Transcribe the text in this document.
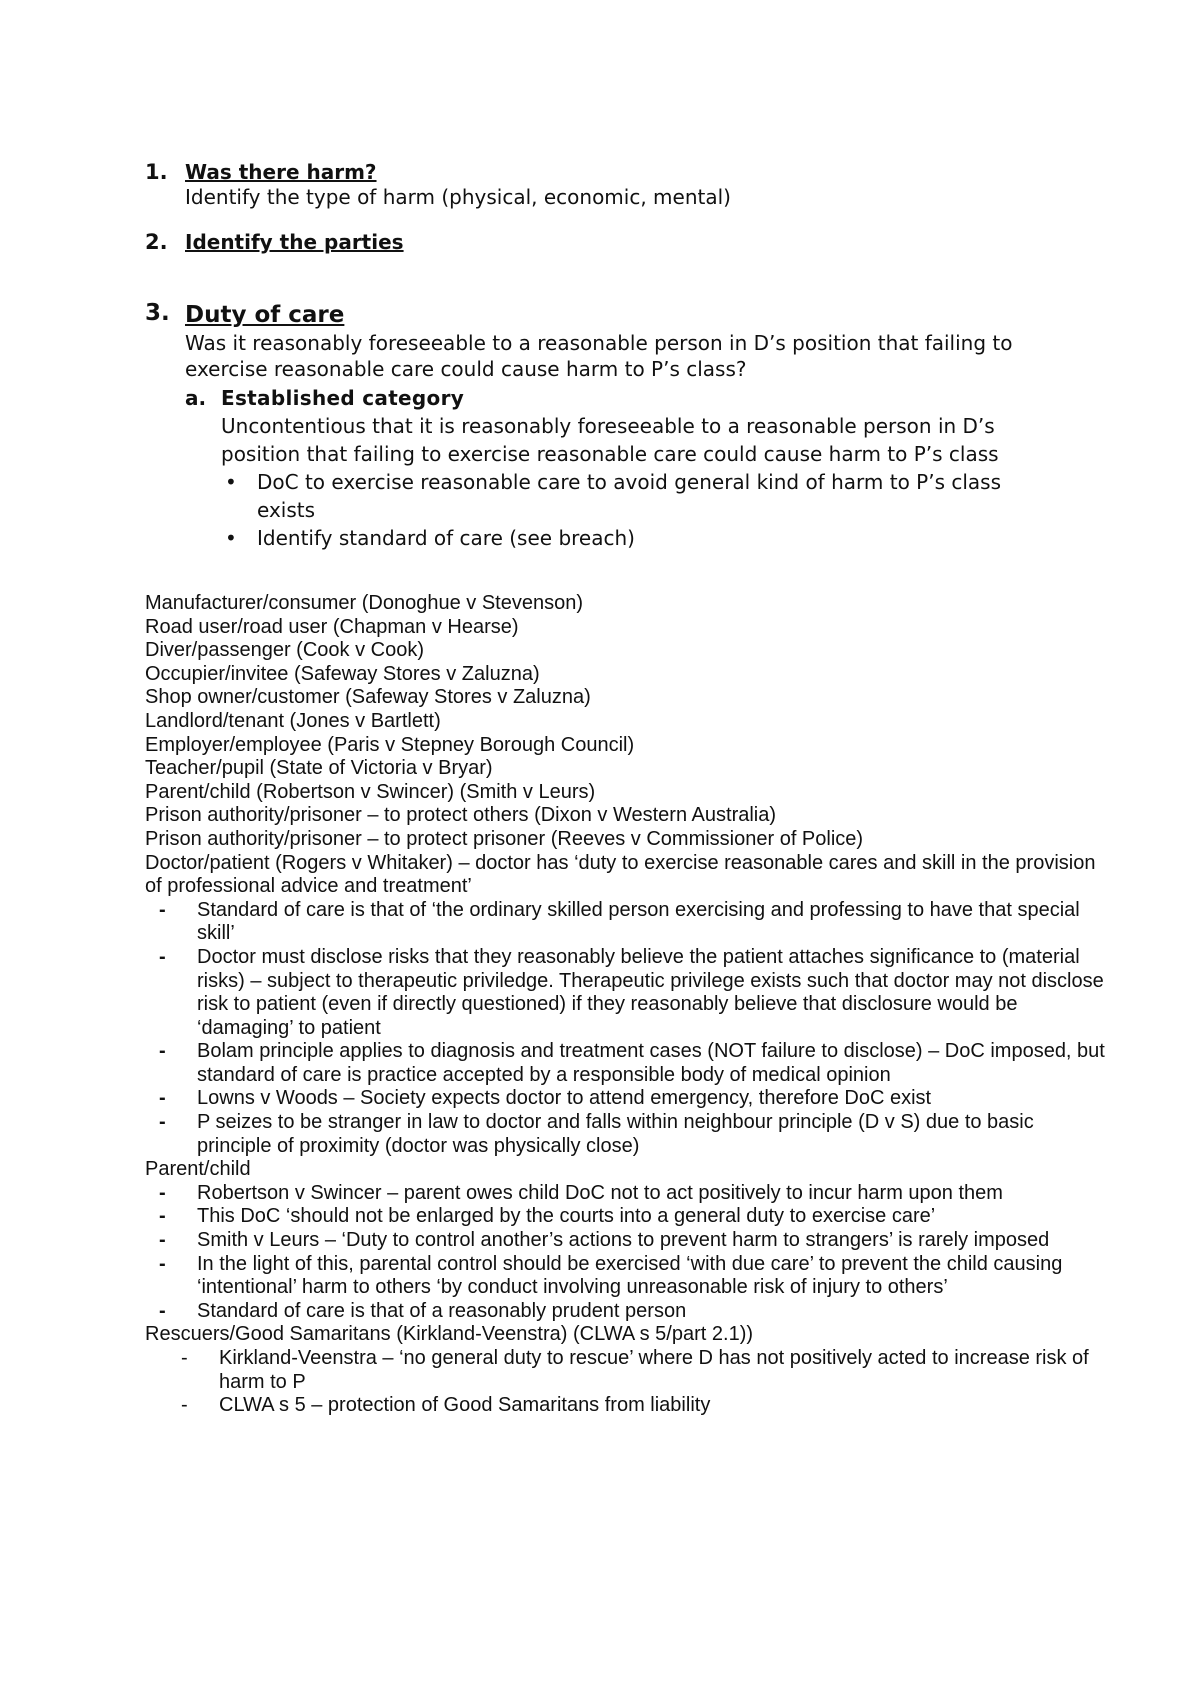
1. Was there harm?
Identify the type of harm (physical, economic, mental)
2. Identify the parties
3. Duty of care
Was it reasonably foreseeable to a reasonable person in D’s position that failing to exercise reasonable care could cause harm to P’s class?
a. Established category
Uncontentious that it is reasonably foreseeable to a reasonable person in D’s position that failing to exercise reasonable care could cause harm to P’s class
• DoC to exercise reasonable care to avoid general kind of harm to P’s class exists
• Identify standard of care (see breach)
Manufacturer/consumer (Donoghue v Stevenson)
Road user/road user (Chapman v Hearse)
Diver/passenger (Cook v Cook)
Occupier/invitee (Safeway Stores v Zaluzna)
Shop owner/customer (Safeway Stores v Zaluzna)
Landlord/tenant (Jones v Bartlett)
Employer/employee (Paris v Stepney Borough Council)
Teacher/pupil (State of Victoria v Bryar)
Parent/child (Robertson v Swincer) (Smith v Leurs)
Prison authority/prisoner – to protect others (Dixon v Western Australia)
Prison authority/prisoner – to protect prisoner (Reeves v Commissioner of Police)
Doctor/patient (Rogers v Whitaker) – doctor has ‘duty to exercise reasonable cares and skill in the provision of professional advice and treatment’
- Standard of care is that of ‘the ordinary skilled person exercising and professing to have that special skill’
- Doctor must disclose risks that they reasonably believe the patient attaches significance to (material risks) – subject to therapeutic priviledge. Therapeutic privilege exists such that doctor may not disclose risk to patient (even if directly questioned) if they reasonably believe that disclosure would be ‘damaging’ to patient
- Bolam principle applies to diagnosis and treatment cases (NOT failure to disclose) – DoC imposed, but standard of care is practice accepted by a responsible body of medical opinion
- Lowns v Woods – Society expects doctor to attend emergency, therefore DoC exist
- P seizes to be stranger in law to doctor and falls within neighbour principle (D v S) due to basic principle of proximity (doctor was physically close)
Parent/child
- Robertson v Swincer – parent owes child DoC not to act positively to incur harm upon them
- This DoC ‘should not be enlarged by the courts into a general duty to exercise care’
- Smith v Leurs – ‘Duty to control another’s actions to prevent harm to strangers’ is rarely imposed
- In the light of this, parental control should be exercised ‘with due care’ to prevent the child causing ‘intentional’ harm to others ‘by conduct involving unreasonable risk of injury to others’
- Standard of care is that of a reasonably prudent person
Rescuers/Good Samaritans (Kirkland-Veenstra) (CLWA s 5/part 2.1))
- Kirkland-Veenstra – ‘no general duty to rescue’ where D has not positively acted to increase risk of harm to P
- CLWA s 5 – protection of Good Samaritans from liability
